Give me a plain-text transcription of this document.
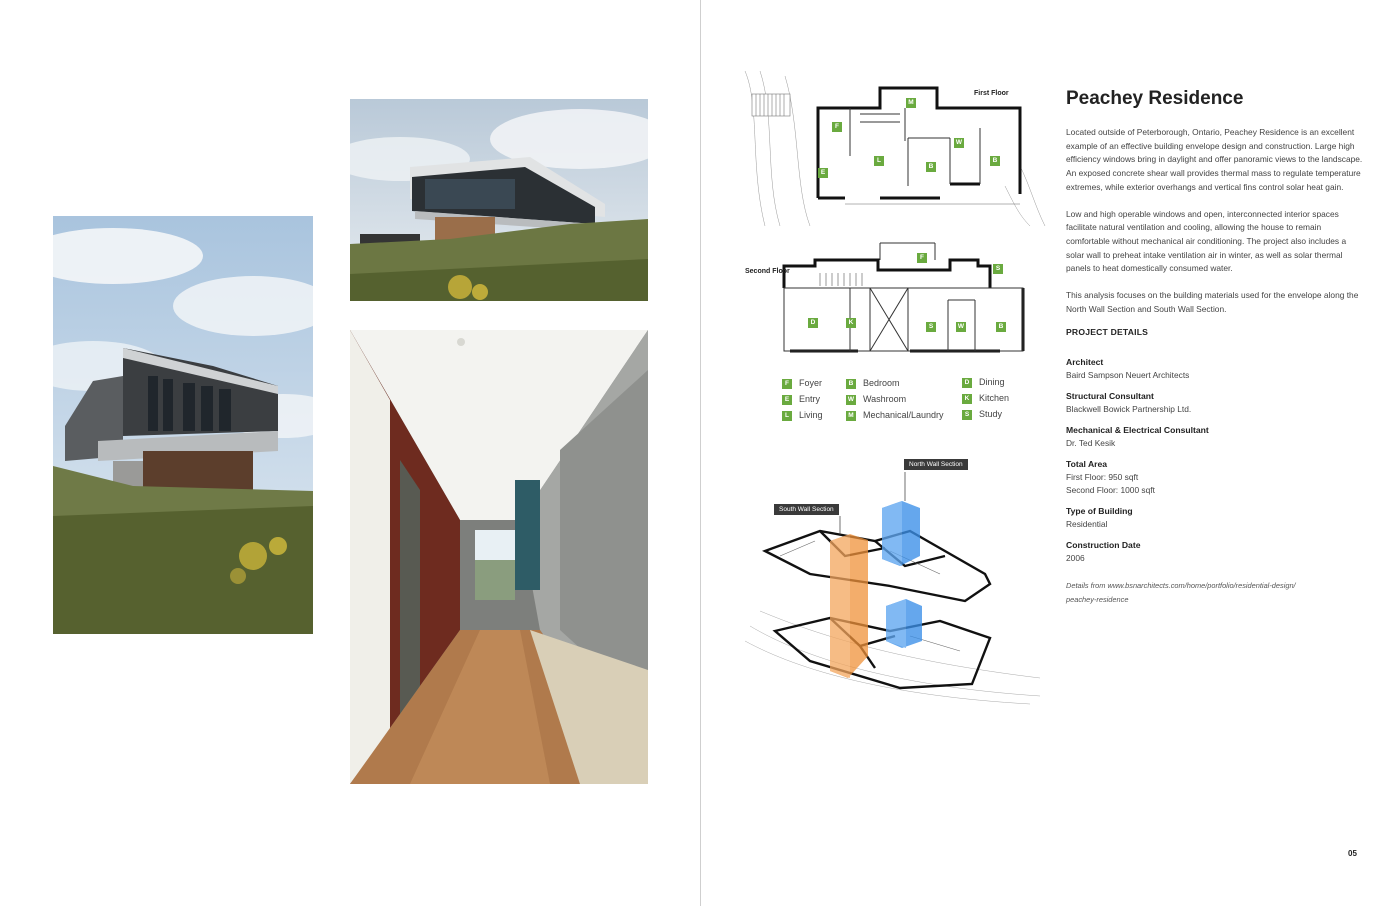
First Floor
M
F
W
L
B
B
E
Second Floor
F
S
D	K
S	W	B
F Foyer
E Entry
L Living
B Bedroom
W Washroom
M Mechanical/Laundry
D Dining
K Kitchen
S Study
North Wall Section
South Wall Section
Peachey Residence

Located outside of Peterborough, Ontario, Peachey Residence is an excellent example of an effective building envelope design and construction. Large high efficiency windows bring in daylight and offer panoramic views to the landscape. An exposed concrete shear wall provides thermal mass to regulate temperature extremes, while exterior overhangs and vertical fins control solar heat gain.

Low and high operable windows and open, interconnected interior spaces facilitate natural ventilation and cooling, allowing the house to remain comfortable without mechanical air conditioning. The project also includes a solar wall to preheat intake ventilation air in winter, as well as solar thermal panels to heat domestically consumed water.

This analysis focuses on the building materials used for the envelope along the North Wall Section and South Wall Section.

PROJECT DETAILS
Architect
Baird Sampson Neuert Architects
Structural Consultant
Blackwell Bowick Partnership Ltd.
Mechanical & Electrical Consultant
Dr. Ted Kesik
Total Area
First Floor: 950 sqft
Second Floor: 1000 sqft
Type of Building
Residential
Construction Date
2006
Details from www.bsnarchitects.com/home/portfolio/residential-design/
peachey-residence
05
